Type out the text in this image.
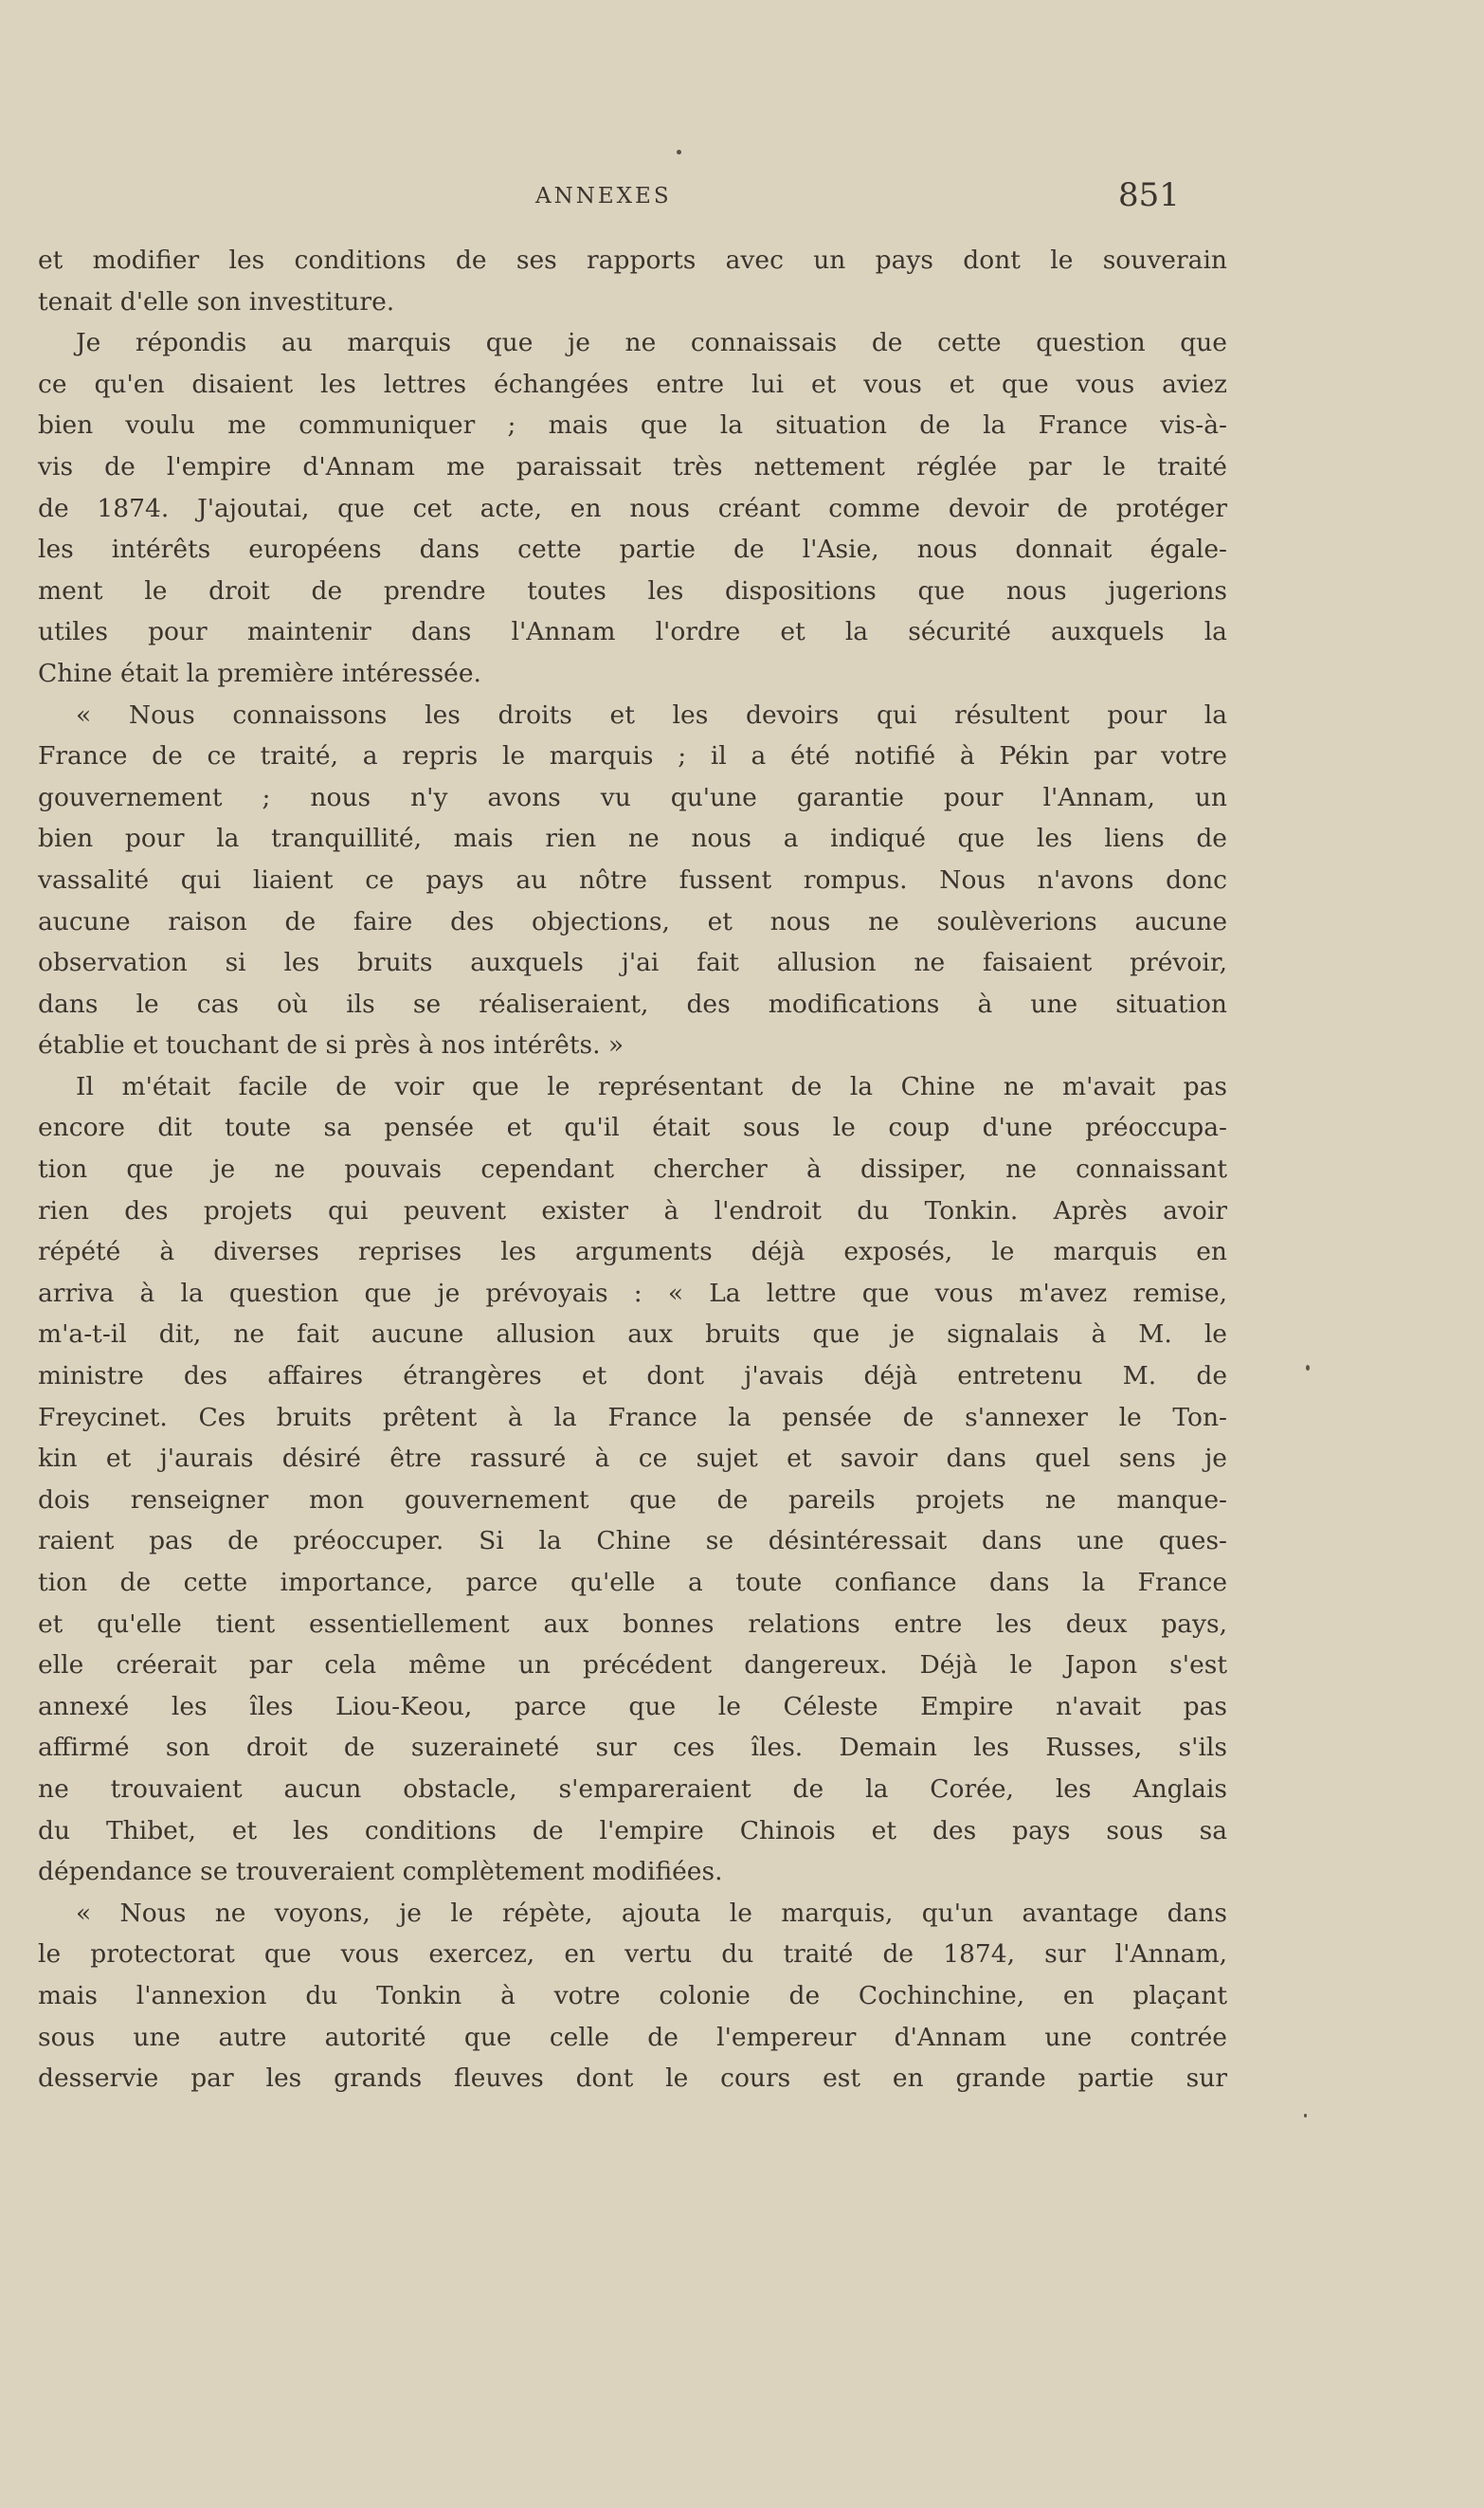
ANNEXES	851
et modifier les conditions de ses rapports avec un pays dont le souverain
tenait d'elle son investiture.
Je répondis au marquis que je ne connaissais de cette question que
ce qu'en disaient les lettres échangées entre lui et vous et que vous aviez
bien voulu me communiquer ; mais que la situation de la France vis-à-
vis de l'empire d'Annam me paraissait très nettement réglée par le traité
de 1874. J'ajoutai, que cet acte, en nous créant comme devoir de protéger
les intérêts européens dans cette partie de l'Asie, nous donnait égale-
ment le droit de prendre toutes les dispositions que nous jugerions
utiles pour maintenir dans l'Annam l'ordre et la sécurité auxquels la
Chine était la première intéressée.
« Nous connaissons les droits et les devoirs qui résultent pour la
France de ce traité, a repris le marquis ; il a été notifié à Pékin par votre
gouvernement ; nous n'y avons vu qu'une garantie pour l'Annam, un
bien pour la tranquillité, mais rien ne nous a indiqué que les liens de
vassalité qui liaient ce pays au nôtre fussent rompus. Nous n'avons donc
aucune raison de faire des objections, et nous ne soulèverions aucune
observation si les bruits auxquels j'ai fait allusion ne faisaient prévoir,
dans le cas où ils se réaliseraient, des modifications à une situation
établie et touchant de si près à nos intérêts. »
Il m'était facile de voir que le représentant de la Chine ne m'avait pas
encore dit toute sa pensée et qu'il était sous le coup d'une préoccupa-
tion que je ne pouvais cependant chercher à dissiper, ne connaissant
rien des projets qui peuvent exister à l'endroit du Tonkin. Après avoir
répété à diverses reprises les arguments déjà exposés, le marquis en
arriva à la question que je prévoyais : « La lettre que vous m'avez remise,
m'a-t-il dit, ne fait aucune allusion aux bruits que je signalais à M. le
ministre des affaires étrangères et dont j'avais déjà entretenu M. de
Freycinet. Ces bruits prêtent à la France la pensée de s'annexer le Ton-
kin et j'aurais désiré être rassuré à ce sujet et savoir dans quel sens je
dois renseigner mon gouvernement que de pareils projets ne manque-
raient pas de préoccuper. Si la Chine se désintéressait dans une ques-
tion de cette importance, parce qu'elle a toute confiance dans la France
et qu'elle tient essentiellement aux bonnes relations entre les deux pays,
elle créerait par cela même un précédent dangereux. Déjà le Japon s'est
annexé les îles Liou-Keou, parce que le Céleste Empire n'avait pas
affirmé son droit de suzeraineté sur ces îles. Demain les Russes, s'ils
ne trouvaient aucun obstacle, s'empareraient de la Corée, les Anglais
du Thibet, et les conditions de l'empire Chinois et des pays sous sa
dépendance se trouveraient complètement modifiées.
« Nous ne voyons, je le répète, ajouta le marquis, qu'un avantage dans
le protectorat que vous exercez, en vertu du traité de 1874, sur l'Annam,
mais l'annexion du Tonkin à votre colonie de Cochinchine, en plaçant
sous une autre autorité que celle de l'empereur d'Annam une contrée
desservie par les grands fleuves dont le cours est en grande partie sur
